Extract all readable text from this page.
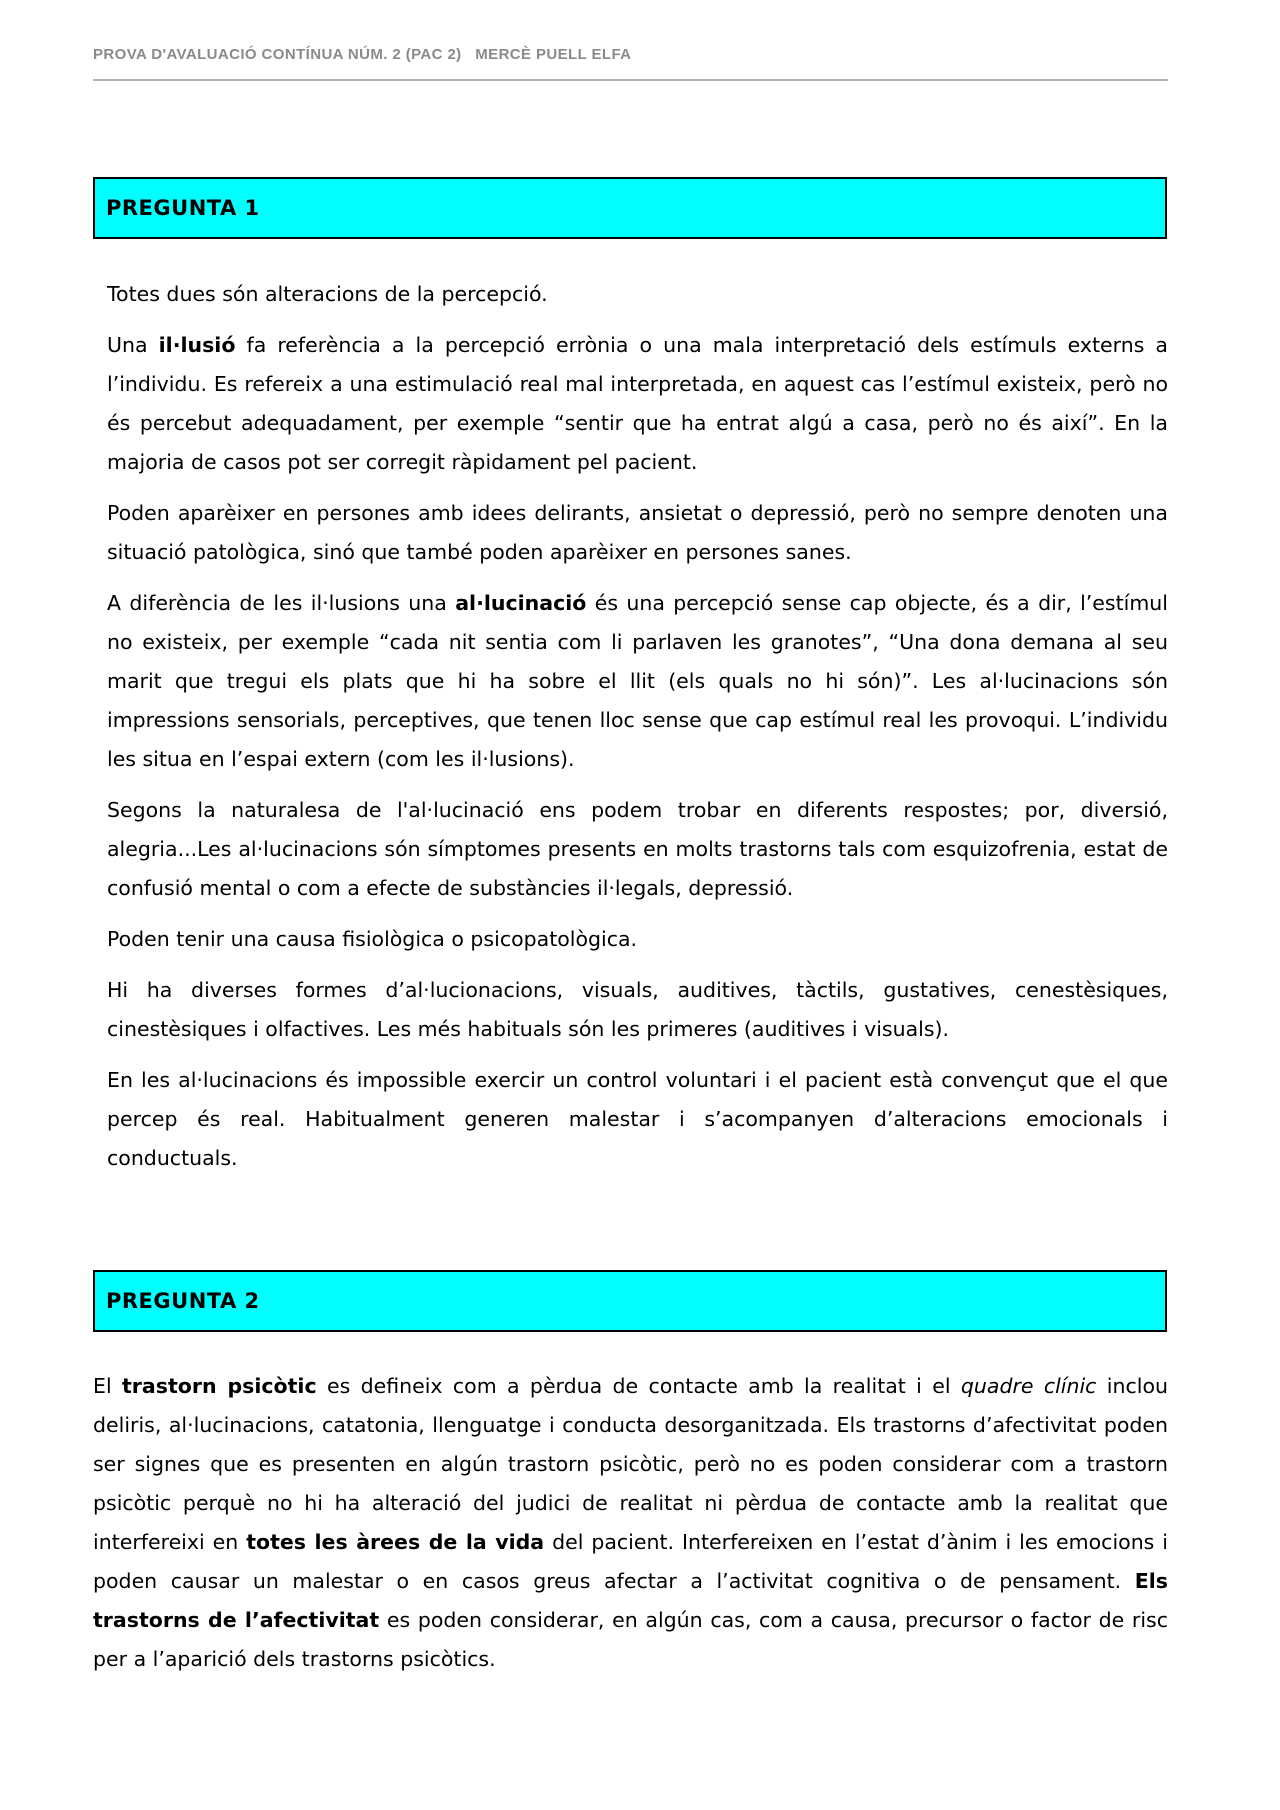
PROVA D'AVALUACIÓ CONTÍNUA NÚM. 2 (PAC 2)   MERCÈ PUELL ELFA
PREGUNTA 1

Totes dues són alteracions de la percepció.

Una il·lusió fa referència a la percepció errònia o una mala interpretació dels estímuls externs a l’individu. Es refereix a una estimulació real mal interpretada, en aquest cas l’estímul existeix, però no és percebut adequadament, per exemple “sentir que ha entrat algú a casa, però no és així”. En la majoria de casos pot ser corregit ràpidament pel pacient.

Poden aparèixer en persones amb idees delirants, ansietat o depressió, però no sempre denoten una situació patològica, sinó que també poden aparèixer en persones sanes.

A diferència de les il·lusions una al·lucinació és una percepció sense cap objecte, és a dir, l’estímul no existeix, per exemple “cada nit sentia com li parlaven les granotes”, “Una dona demana al seu marit que tregui els plats que hi ha sobre el llit (els quals no hi són)”. Les al·lucinacions són impressions sensorials, perceptives, que tenen lloc sense que cap estímul real les provoqui. L’individu les situa en l’espai extern (com les il·lusions).

Segons la naturalesa de l'al·lucinació ens podem trobar en diferents respostes; por, diversió, alegria...Les al·lucinacions són símptomes presents en molts trastorns tals com esquizofrenia, estat de confusió mental o com a efecte de substàncies il·legals, depressió.

Poden tenir una causa fisiològica o psicopatològica.

Hi ha diverses formes d’al·lucionacions, visuals, auditives, tàctils, gustatives, cenestèsiques, cinestèsiques i olfactives. Les més habituals són les primeres (auditives i visuals).

En les al·lucinacions és impossible exercir un control voluntari i el pacient està convençut que el que percep és real. Habitualment generen malestar i s’acompanyen d’alteracions emocionals i conductuals.

PREGUNTA 2

El trastorn psicòtic es defineix com a pèrdua de contacte amb la realitat i el quadre clínic inclou deliris, al·lucinacions, catatonia, llenguatge i conducta desorganitzada. Els trastorns d’afectivitat poden ser signes que es presenten en algún trastorn psicòtic, però no es poden considerar com a trastorn psicòtic perquè no hi ha alteració del judici de realitat ni pèrdua de contacte amb la realitat que interfereixi en totes les àrees de la vida del pacient. Interfereixen en l’estat d’ànim i les emocions i poden causar un malestar o en casos greus afectar a l’activitat cognitiva o de pensament. Els trastorns de l’afectivitat es poden considerar, en algún cas, com a causa, precursor o factor de risc per a l’aparició dels trastorns psicòtics.
